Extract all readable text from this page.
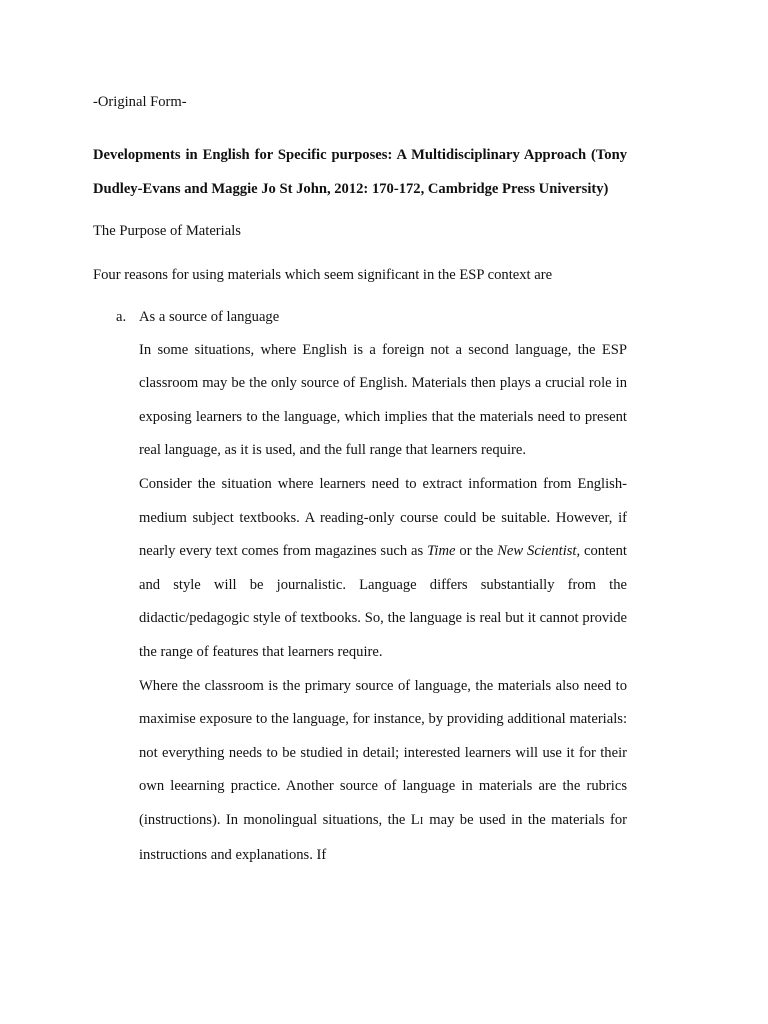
-Original Form-
Developments in English for Specific purposes: A Multidisciplinary Approach (Tony Dudley-Evans and Maggie Jo St John, 2012: 170-172, Cambridge Press University)
The Purpose of Materials
Four reasons for using materials which seem significant in the ESP context are
a. As a source of language
In some situations, where English is a foreign not a second language, the ESP classroom may be the only source of English. Materials then plays a crucial role in exposing learners to the language, which implies that the materials need to present real language, as it is used, and the full range that learners require.
Consider the situation where learners need to extract information from English-medium subject textbooks. A reading-only course could be suitable. However, if nearly every text comes from magazines such as Time or the New Scientist, content and style will be journalistic. Language differs substantially from the didactic/pedagogic style of textbooks. So, the language is real but it cannot provide the range of features that learners require.
Where the classroom is the primary source of language, the materials also need to maximise exposure to the language, for instance, by providing additional materials: not everything needs to be studied in detail; interested learners will use it for their own leearning practice. Another source of language in materials are the rubrics (instructions). In monolingual situations, the LI may be used in the materials for instructions and explanations. If
